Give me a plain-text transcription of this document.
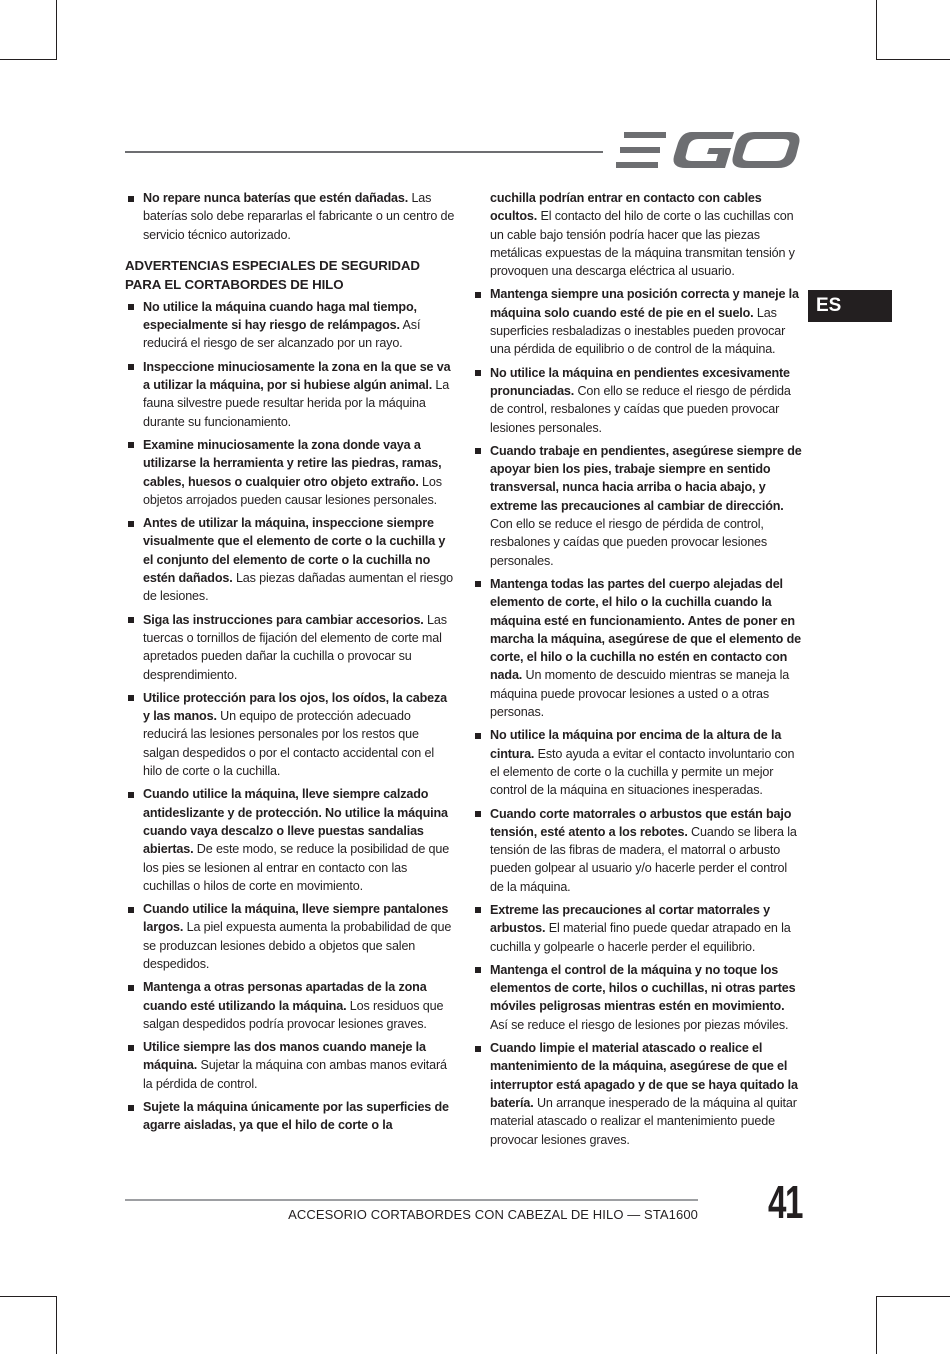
EGO
ES
No repare nunca baterías que estén dañadas. Las baterías solo debe repararlas el fabricante o un centro de servicio técnico autorizado.
ADVERTENCIAS ESPECIALES DE SEGURIDAD PARA EL CORTABORDES DE HILO
No utilice la máquina cuando haga mal tiempo, especialmente si hay riesgo de relámpagos. Así reducirá el riesgo de ser alcanzado por un rayo.
Inspeccione minuciosamente la zona en la que se va a utilizar la máquina, por si hubiese algún animal. La fauna silvestre puede resultar herida por la máquina durante su funcionamiento.
Examine minuciosamente la zona donde vaya a utilizarse la herramienta y retire las piedras, ramas, cables, huesos o cualquier otro objeto extraño. Los objetos arrojados pueden causar lesiones personales.
Antes de utilizar la máquina, inspeccione siempre visualmente que el elemento de corte o la cuchilla y el conjunto del elemento de corte o la cuchilla no estén dañados. Las piezas dañadas aumentan el riesgo de lesiones.
Siga las instrucciones para cambiar accesorios. Las tuercas o tornillos de fijación del elemento de corte mal apretados pueden dañar la cuchilla o provocar su desprendimiento.
Utilice protección para los ojos, los oídos, la cabeza y las manos. Un equipo de protección adecuado reducirá las lesiones personales por los restos que salgan despedidos o por el contacto accidental con el hilo de corte o la cuchilla.
Cuando utilice la máquina, lleve siempre calzado antideslizante y de protección. No utilice la máquina cuando vaya descalzo o lleve puestas sandalias abiertas. De este modo, se reduce la posibilidad de que los pies se lesionen al entrar en contacto con las cuchillas o hilos de corte en movimiento.
Cuando utilice la máquina, lleve siempre pantalones largos. La piel expuesta aumenta la probabilidad de que se produzcan lesiones debido a objetos que salen despedidos.
Mantenga a otras personas apartadas de la zona cuando esté utilizando la máquina. Los residuos que salgan despedidos podría provocar lesiones graves.
Utilice siempre las dos manos cuando maneje la máquina. Sujetar la máquina con ambas manos evitará la pérdida de control.
Sujete la máquina únicamente por las superficies de agarre aisladas, ya que el hilo de corte o la
cuchilla podrían entrar en contacto con cables ocultos. El contacto del hilo de corte o las cuchillas con un cable bajo tensión podría hacer que las piezas metálicas expuestas de la máquina transmitan tensión y provoquen una descarga eléctrica al usuario.
Mantenga siempre una posición correcta y maneje la máquina solo cuando esté de pie en el suelo. Las superficies resbaladizas o inestables pueden provocar una pérdida de equilibrio o de control de la máquina.
No utilice la máquina en pendientes excesivamente pronunciadas. Con ello se reduce el riesgo de pérdida de control, resbalones y caídas que pueden provocar lesiones personales.
Cuando trabaje en pendientes, asegúrese siempre de apoyar bien los pies, trabaje siempre en sentido transversal, nunca hacia arriba o hacia abajo, y extreme las precauciones al cambiar de dirección. Con ello se reduce el riesgo de pérdida de control, resbalones y caídas que pueden provocar lesiones personales.
Mantenga todas las partes del cuerpo alejadas del elemento de corte, el hilo o la cuchilla cuando la máquina esté en funcionamiento. Antes de poner en marcha la máquina, asegúrese de que el elemento de corte, el hilo o la cuchilla no estén en contacto con nada. Un momento de descuido mientras se maneja la máquina puede provocar lesiones a usted o a otras personas.
No utilice la máquina por encima de la altura de la cintura. Esto ayuda a evitar el contacto involuntario con el elemento de corte o la cuchilla y permite un mejor control de la máquina en situaciones inesperadas.
Cuando corte matorrales o arbustos que están bajo tensión, esté atento a los rebotes. Cuando se libera la tensión de las fibras de madera, el matorral o arbusto pueden golpear al usuario y/o hacerle perder el control de la máquina.
Extreme las precauciones al cortar matorrales y arbustos. El material fino puede quedar atrapado en la cuchilla y golpearle o hacerle perder el equilibrio.
Mantenga el control de la máquina y no toque los elementos de corte, hilos o cuchillas, ni otras partes móviles peligrosas mientras estén en movimiento. Así se reduce el riesgo de lesiones por piezas móviles.
Cuando limpie el material atascado o realice el mantenimiento de la máquina, asegúrese de que el interruptor está apagado y de que se haya quitado la batería. Un arranque inesperado de la máquina al quitar material atascado o realizar el mantenimiento puede provocar lesiones graves.
ACCESORIO CORTABORDES CON CABEZAL DE HILO — STA1600 41
